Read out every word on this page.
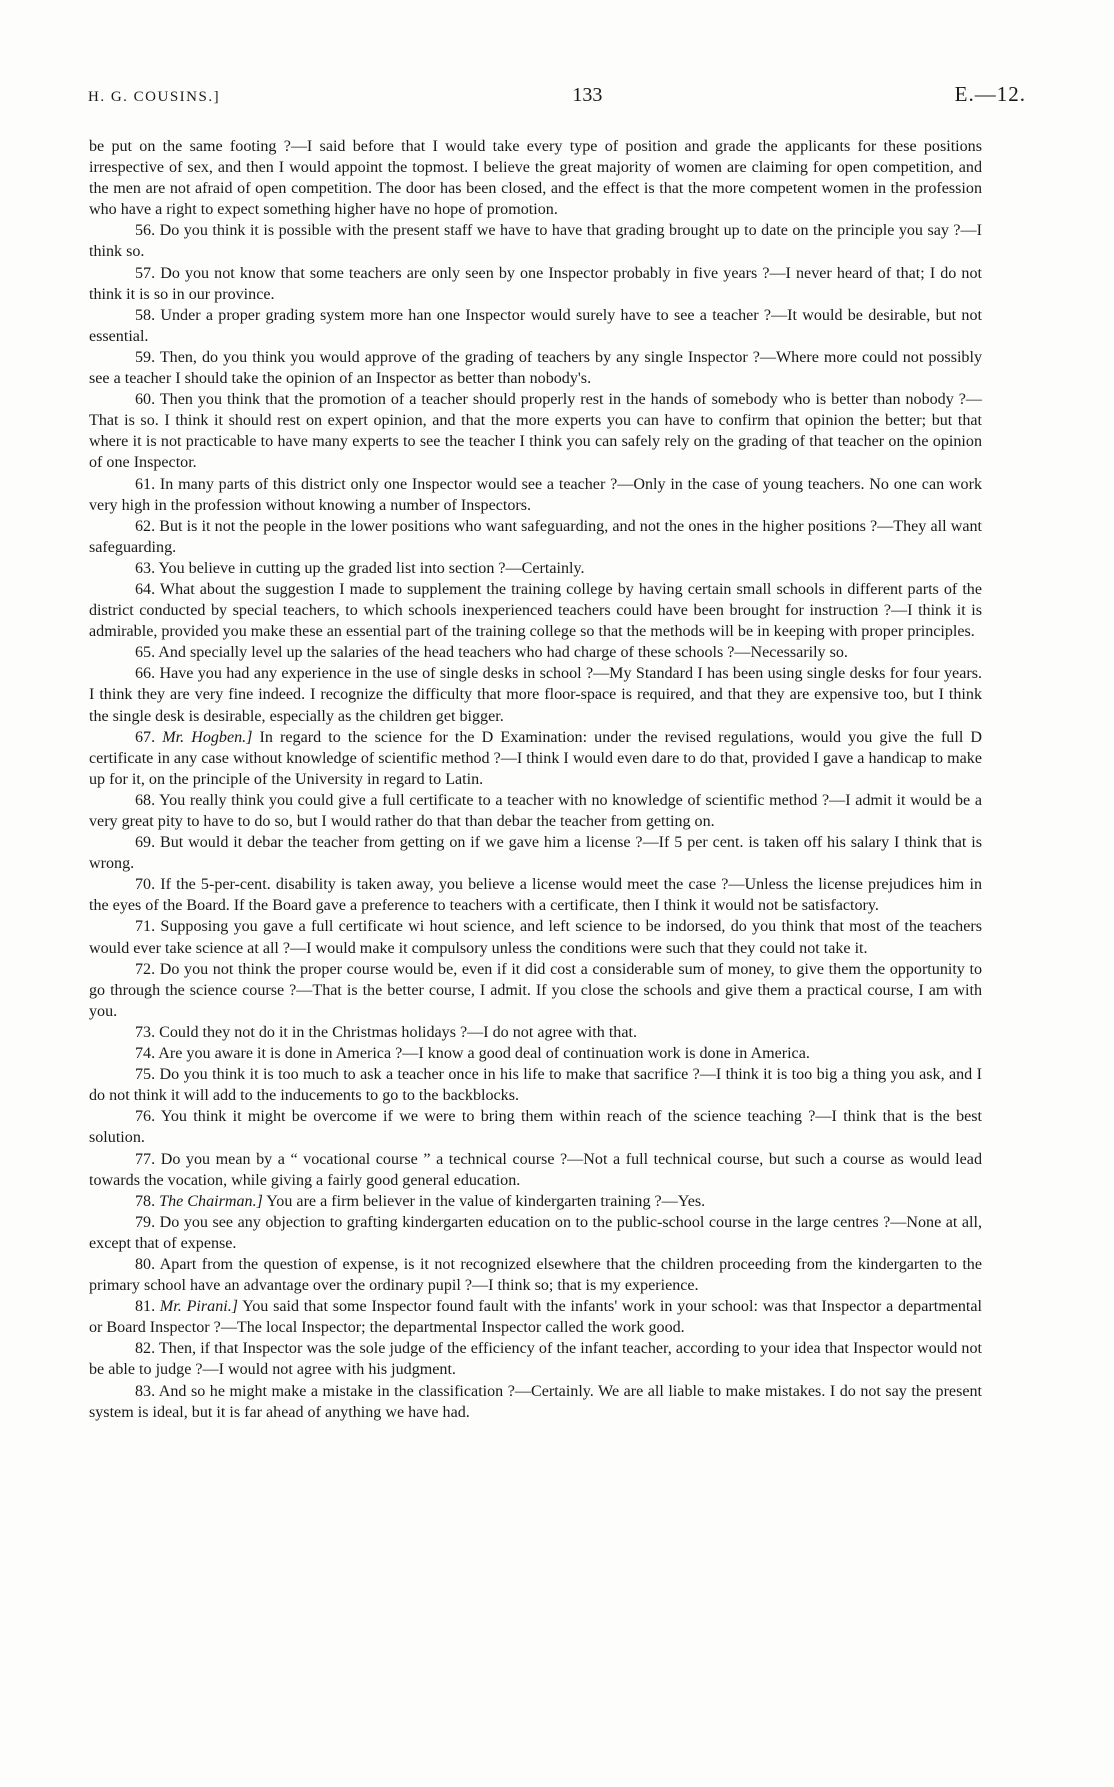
H. G. COUSINS.]	133	E.—12.

be put on the same footing ?—I said before that I would take every type of position and grade the applicants for these positions irrespective of sex, and then I would appoint the topmost. I believe the great majority of women are claiming for open competition, and the men are not afraid of open competition. The door has been closed, and the effect is that the more competent women in the profession who have a right to expect something higher have no hope of promotion.

56. Do you think it is possible with the present staff we have to have that grading brought up to date on the principle you say ?—I think so.

57. Do you not know that some teachers are only seen by one Inspector probably in five years ?—I never heard of that; I do not think it is so in our province.

58. Under a proper grading system more han one Inspector would surely have to see a teacher ?—It would be desirable, but not essential.

59. Then, do you think you would approve of the grading of teachers by any single Inspector ?—Where more could not possibly see a teacher I should take the opinion of an Inspector as better than nobody's.

60. Then you think that the promotion of a teacher should properly rest in the hands of somebody who is better than nobody ?—That is so. I think it should rest on expert opinion, and that the more experts you can have to confirm that opinion the better; but that where it is not practicable to have many experts to see the teacher I think you can safely rely on the grading of that teacher on the opinion of one Inspector.

61. In many parts of this district only one Inspector would see a teacher ?—Only in the case of young teachers. No one can work very high in the profession without knowing a number of Inspectors.

62. But is it not the people in the lower positions who want safeguarding, and not the ones in the higher positions ?—They all want safeguarding.

63. You believe in cutting up the graded list into section ?—Certainly.

64. What about the suggestion I made to supplement the training college by having certain small schools in different parts of the district conducted by special teachers, to which schools inexperienced teachers could have been brought for instruction ?—I think it is admirable, provided you make these an essential part of the training college so that the methods will be in keeping with proper principles.

65. And specially level up the salaries of the head teachers who had charge of these schools ?—Necessarily so.

66. Have you had any experience in the use of single desks in school ?—My Standard I has been using single desks for four years. I think they are very fine indeed. I recognize the difficulty that more floor-space is required, and that they are expensive too, but I think the single desk is desirable, especially as the children get bigger.

67. Mr. Hogben.] In regard to the science for the D Examination: under the revised regulations, would you give the full D certificate in any case without knowledge of scientific method ?—I think I would even dare to do that, provided I gave a handicap to make up for it, on the principle of the University in regard to Latin.

68. You really think you could give a full certificate to a teacher with no knowledge of scientific method ?—I admit it would be a very great pity to have to do so, but I would rather do that than debar the teacher from getting on.

69. But would it debar the teacher from getting on if we gave him a license ?—If 5 per cent. is taken off his salary I think that is wrong.

70. If the 5-per-cent. disability is taken away, you believe a license would meet the case ?—Unless the license prejudices him in the eyes of the Board. If the Board gave a preference to teachers with a certificate, then I think it would not be satisfactory.

71. Supposing you gave a full certificate wi hout science, and left science to be indorsed, do you think that most of the teachers would ever take science at all ?—I would make it compulsory unless the conditions were such that they could not take it.

72. Do you not think the proper course would be, even if it did cost a considerable sum of money, to give them the opportunity to go through the science course ?—That is the better course, I admit. If you close the schools and give them a practical course, I am with you.

73. Could they not do it in the Christmas holidays ?—I do not agree with that.

74. Are you aware it is done in America ?—I know a good deal of continuation work is done in America.

75. Do you think it is too much to ask a teacher once in his life to make that sacrifice ?—I think it is too big a thing you ask, and I do not think it will add to the inducements to go to the backblocks.

76. You think it might be overcome if we were to bring them within reach of the science teaching ?—I think that is the best solution.

77. Do you mean by a “ vocational course ” a technical course ?—Not a full technical course, but such a course as would lead towards the vocation, while giving a fairly good general education.

78. The Chairman.] You are a firm believer in the value of kindergarten training ?—Yes.

79. Do you see any objection to grafting kindergarten education on to the public-school course in the large centres ?—None at all, except that of expense.

80. Apart from the question of expense, is it not recognized elsewhere that the children proceeding from the kindergarten to the primary school have an advantage over the ordinary pupil ?—I think so; that is my experience.

81. Mr. Pirani.] You said that some Inspector found fault with the infants' work in your school: was that Inspector a departmental or Board Inspector ?—The local Inspector; the departmental Inspector called the work good.

82. Then, if that Inspector was the sole judge of the efficiency of the infant teacher, according to your idea that Inspector would not be able to judge ?—I would not agree with his judgment.

83. And so he might make a mistake in the classification ?—Certainly. We are all liable to make mistakes. I do not say the present system is ideal, but it is far ahead of anything we have had.
